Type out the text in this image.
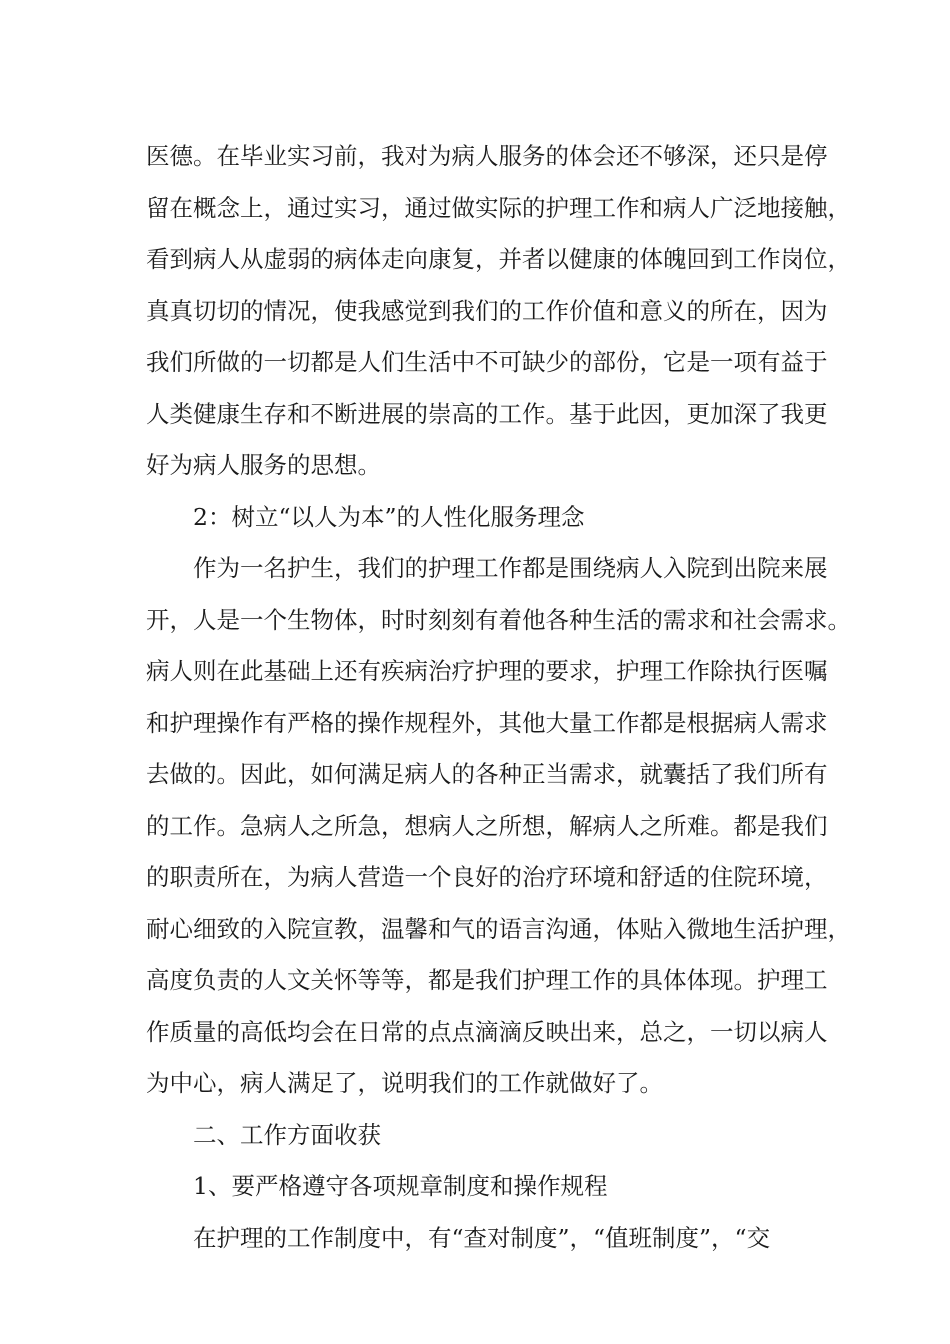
医德。在毕业实习前，我对为病人服务的体会还不够深，还只是停
留在概念上，通过实习，通过做实际的护理工作和病人广泛地接触，
看到病人从虚弱的病体走向康复，并者以健康的体魄回到工作岗位，
真真切切的情况，使我感觉到我们的工作价值和意义的所在，因为
我们所做的一切都是人们生活中不可缺少的部份，它是一项有益于
人类健康生存和不断进展的崇高的工作。基于此因，更加深了我更
好为病人服务的思想。
2：树立“以人为本”的人性化服务理念
作为一名护生，我们的护理工作都是围绕病人入院到出院来展
开，人是一个生物体，时时刻刻有着他各种生活的需求和社会需求。
病人则在此基础上还有疾病治疗护理的要求，护理工作除执行医嘱
和护理操作有严格的操作规程外，其他大量工作都是根据病人需求
去做的。因此，如何满足病人的各种正当需求，就囊括了我们所有
的工作。急病人之所急，想病人之所想，解病人之所难。都是我们
的职责所在，为病人营造一个良好的治疗环境和舒适的住院环境，
耐心细致的入院宣教，温馨和气的语言沟通，体贴入微地生活护理，
高度负责的人文关怀等等，都是我们护理工作的具体体现。护理工
作质量的高低均会在日常的点点滴滴反映出来，总之，一切以病人
为中心，病人满足了，说明我们的工作就做好了。
二、工作方面收获
1、要严格遵守各项规章制度和操作规程
在护理的工作制度中，有“查对制度”，“值班制度”，“交
